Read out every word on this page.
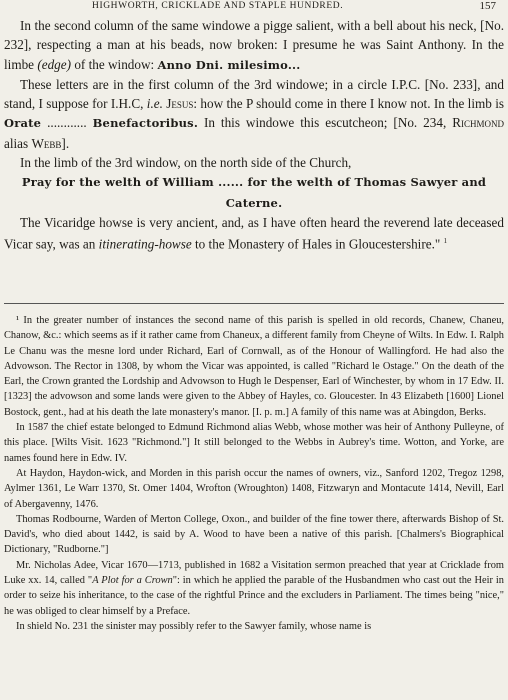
HIGHWORTH, CRICKLADE AND STAPLE HUNDRED.	157

In the second column of the same windowe a pigge salient, with a bell about his neck, [No. 232], respecting a man at his beads, now broken: I presume he was Saint Anthony. In the limbe (edge) of the window: Anno Dni. milesimo...

These letters are in the first column of the 3rd windowe; in a circle I.P.C. [No. 233], and stand, I suppose for I.H.C, i.e. Jesus: how the P should come in there I know not. In the limb is Orate ............ Benefactoribus. In this windowe this escutcheon; [No. 234, Richmond alias Webb].

In the limb of the 3rd window, on the north side of the Church,

Pray for the welth of William ...... for the welth of Thomas Sawyer and Caterne.

The Vicaridge howse is very ancient, and, as I have often heard the reverend late deceased Vicar say, was an itinerating-howse to the Monastery of Hales in Gloucestershire." $^1$

¹ In the greater number of instances the second name of this parish is spelled in old records, Chanew, Chaneu, Chanow, &c.: which seems as if it rather came from Chaneux, a different family from Cheyne of Wilts. In Edw. I. Ralph Le Chanu was the mesne lord under Richard, Earl of Cornwall, as of the Honour of Wallingford. He had also the Advowson. The Rector in 1308, by whom the Vicar was appointed, is called "Richard le Ostage." On the death of the Earl, the Crown granted the Lordship and Advowson to Hugh le Despenser, Earl of Winchester, by whom in 17 Edw. II. [1323] the advowson and some lands were given to the Abbey of Hayles, co. Gloucester. In 43 Elizabeth [1600] Lionel Bostock, gent., had at his death the late monastery's manor. [I. p. m.] A family of this name was at Abingdon, Berks.

In 1587 the chief estate belonged to Edmund Richmond alias Webb, whose mother was heir of Anthony Pulleyne, of this place. [Wilts Visit. 1623 "Richmond."] It still belonged to the Webbs in Aubrey's time. Wotton, and Yorke, are names found here in Edw. IV.

At Haydon, Haydon-wick, and Morden in this parish occur the names of owners, viz., Sanford 1202, Tregoz 1298, Aylmer 1361, Le Warr 1370, St. Omer 1404, Wrofton (Wroughton) 1408, Fitzwaryn and Montacute 1414, Nevill, Earl of Abergavenny, 1476.

Thomas Rodbourne, Warden of Merton College, Oxon., and builder of the fine tower there, afterwards Bishop of St. David's, who died about 1442, is said by A. Wood to have been a native of this parish. [Chalmers's Biographical Dictionary, "Rudborne."]

Mr. Nicholas Adee, Vicar 1670—1713, published in 1682 a Visitation sermon preached that year at Cricklade from Luke xx. 14, called "A Plot for a Crown": in which he applied the parable of the Husbandmen who cast out the Heir in order to seize his inheritance, to the case of the rightful Prince and the excluders in Parliament. The times being "nice," he was obliged to clear himself by a Preface.

In shield No. 231 the sinister may possibly refer to the Sawyer family, whose name is
